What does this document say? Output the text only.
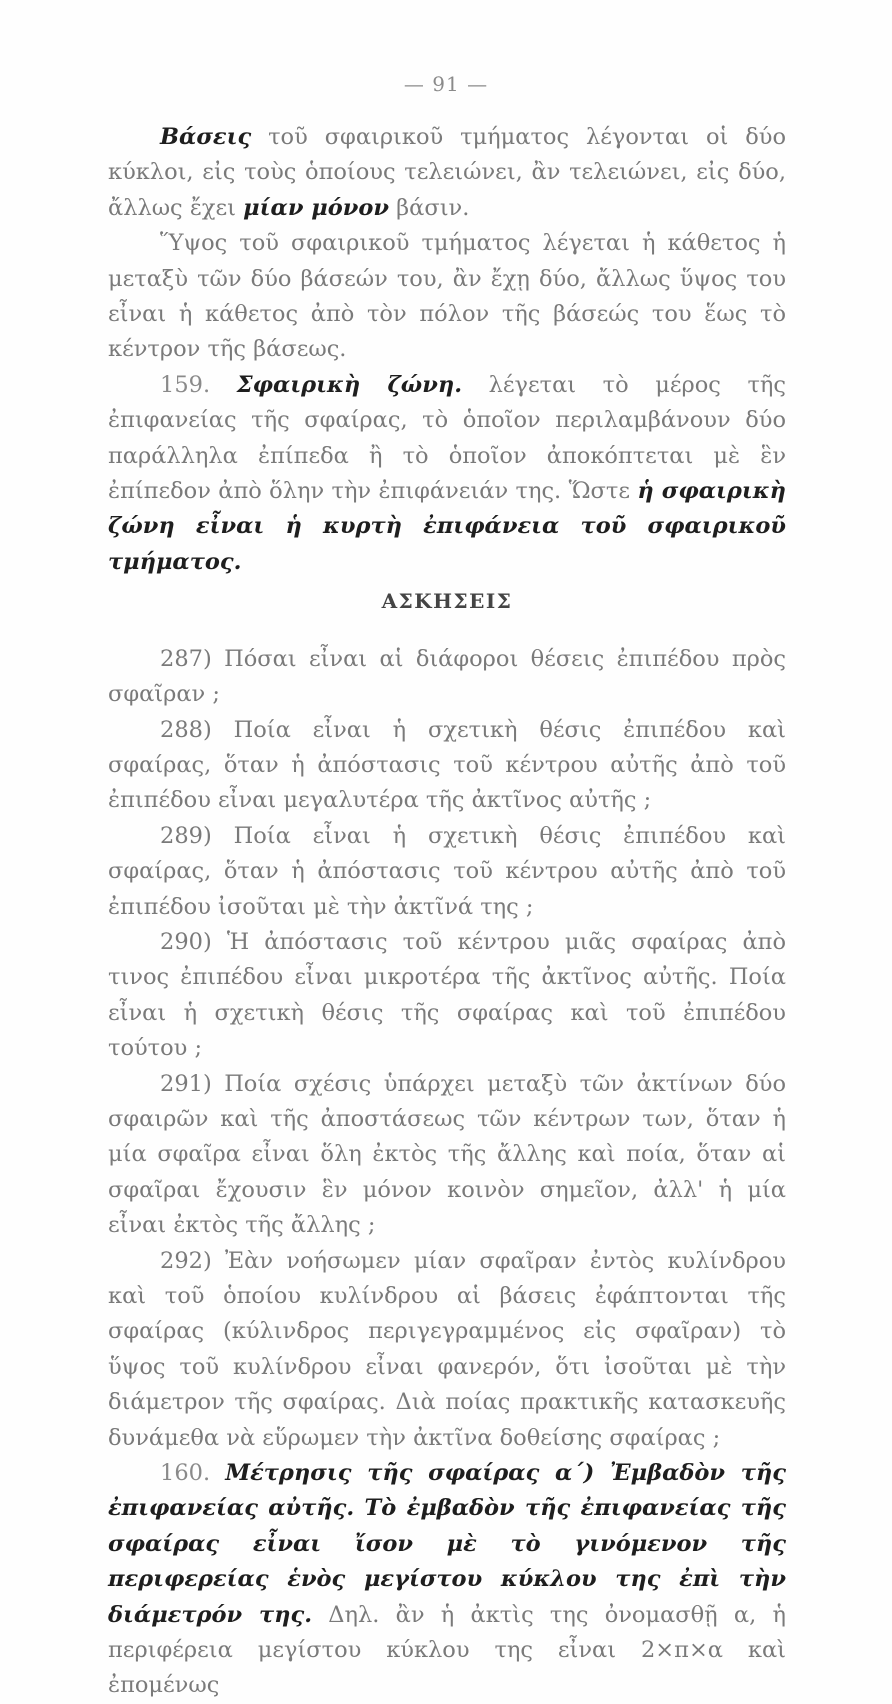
— 91 —

Βάσεις τοῦ σφαιρικοῦ τμήματος λέγονται οἱ δύο κύκλοι, εἰς τοὺς ὁποίους τελειώνει, ἂν τελειώνει, εἰς δύο, ἄλλως ἔχει μίαν μόνον βάσιν.

Ὕψος τοῦ σφαιρικοῦ τμήματος λέγεται ἡ κάθετος ἡ μεταξὺ τῶν δύο βάσεών του, ἂν ἔχῃ δύο, ἄλλως ὕψος του εἶναι ἡ κάθετος ἀπὸ τὸν πόλον τῆς βάσεώς του ἕως τὸ κέντρον τῆς βάσεως.

159. Σφαιρικὴ ζώνη. λέγεται τὸ μέρος τῆς ἐπιφανείας τῆς σφαίρας, τὸ ὁποῖον περιλαμβάνουν δύο παράλληλα ἐπίπεδα ἢ τὸ ὁποῖον ἀποκόπτεται μὲ ἓν ἐπίπεδον ἀπὸ ὅλην τὴν ἐπιφάνειάν της. Ὥστε ἡ σφαιρικὴ ζώνη εἶναι ἡ κυρτὴ ἐπιφάνεια τοῦ σφαιρικοῦ τμήματος.

ΑΣΚΗΣΕΙΣ

287) Πόσαι εἶναι αἱ διάφοροι θέσεις ἐπιπέδου πρὸς σφαῖραν ;

288) Ποία εἶναι ἡ σχετικὴ θέσις ἐπιπέδου καὶ σφαίρας, ὅταν ἡ ἀπόστασις τοῦ κέντρου αὐτῆς ἀπὸ τοῦ ἐπιπέδου εἶναι μεγαλυτέρα τῆς ἀκτῖνος αὐτῆς ;

289) Ποία εἶναι ἡ σχετικὴ θέσις ἐπιπέδου καὶ σφαίρας, ὅταν ἡ ἀπόστασις τοῦ κέντρου αὐτῆς ἀπὸ τοῦ ἐπιπέδου ἰσοῦται μὲ τὴν ἀκτῖνά της ;

290) Ἡ ἀπόστασις τοῦ κέντρου μιᾶς σφαίρας ἀπὸ τινος ἐπιπέδου εἶναι μικροτέρα τῆς ἀκτῖνος αὐτῆς. Ποία εἶναι ἡ σχετικὴ θέσις τῆς σφαίρας καὶ τοῦ ἐπιπέδου τούτου ;

291) Ποία σχέσις ὑπάρχει μεταξὺ τῶν ἀκτίνων δύο σφαιρῶν καὶ τῆς ἀποστάσεως τῶν κέντρων των, ὅταν ἡ μία σφαῖρα εἶναι ὅλη ἐκτὸς τῆς ἄλλης καὶ ποία, ὅταν αἱ σφαῖραι ἔχουσιν ἓν μόνον κοινὸν σημεῖον, ἀλλ' ἡ μία εἶναι ἐκτὸς τῆς ἄλλης ;

292) Ἐὰν νοήσωμεν μίαν σφαῖραν ἐντὸς κυλίνδρου καὶ τοῦ ὁποίου κυλίνδρου αἱ βάσεις ἐφάπτονται τῆς σφαίρας (κύλινδρος περιγεγραμμένος εἰς σφαῖραν) τὸ ὕψος τοῦ κυλίνδρου εἶναι φανερόν, ὅτι ἰσοῦται μὲ τὴν διάμετρον τῆς σφαίρας. Διὰ ποίας πρακτικῆς κατασκευῆς δυνάμεθα νὰ εὕρωμεν τὴν ἀκτῖνα δοθείσης σφαίρας ;

160. Μέτρησις τῆς σφαίρας α΄) Ἐμβαδὸν τῆς ἐπιφανείας αὐτῆς. Τὸ ἐμβαδὸν τῆς ἐπιφανείας τῆς σφαίρας εἶναι ἴσον μὲ τὸ γινόμενον τῆς περιφερείας ἑνὸς μεγίστου κύκλου της ἐπὶ τὴν διάμετρόν της. Δηλ. ἂν ἡ ἀκτὶς της ὀνομασθῇ α, ἡ περιφέρεια μεγίστου κύκλου της εἶναι 2×π×α καὶ ἐπομένως
